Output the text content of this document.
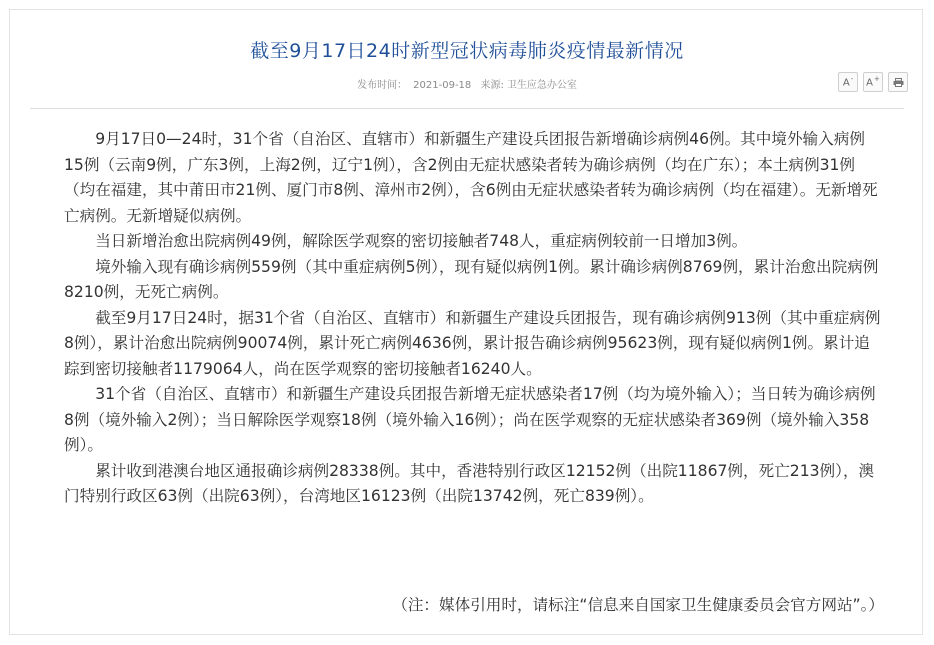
截至9月17日24时新型冠状病毒肺炎疫情最新情况
发布时间： 2021-09-18 来源: 卫生应急办公室	A- A+

9月17日0—24时，31个省（自治区、直辖市）和新疆生产建设兵团报告新增确诊病例46例。其中境外输入病例15例（云南9例，广东3例，上海2例，辽宁1例），含2例由无症状感染者转为确诊病例（均在广东）；本土病例31例（均在福建，其中莆田市21例、厦门市8例、漳州市2例），含6例由无症状感染者转为确诊病例（均在福建）。无新增死亡病例。无新增疑似病例。

当日新增治愈出院病例49例，解除医学观察的密切接触者748人，重症病例较前一日增加3例。

境外输入现有确诊病例559例（其中重症病例5例），现有疑似病例1例。累计确诊病例8769例，累计治愈出院病例8210例，无死亡病例。

截至9月17日24时，据31个省（自治区、直辖市）和新疆生产建设兵团报告，现有确诊病例913例（其中重症病例8例），累计治愈出院病例90074例，累计死亡病例4636例，累计报告确诊病例95623例，现有疑似病例1例。累计追踪到密切接触者1179064人，尚在医学观察的密切接触者16240人。

31个省（自治区、直辖市）和新疆生产建设兵团报告新增无症状感染者17例（均为境外输入）；当日转为确诊病例8例（境外输入2例）；当日解除医学观察18例（境外输入16例）；尚在医学观察的无症状感染者369例（境外输入358例）。

累计收到港澳台地区通报确诊病例28338例。其中，香港特别行政区12152例（出院11867例，死亡213例），澳门特别行政区63例（出院63例），台湾地区16123例（出院13742例，死亡839例）。

（注：媒体引用时，请标注“信息来自国家卫生健康委员会官方网站”。）
